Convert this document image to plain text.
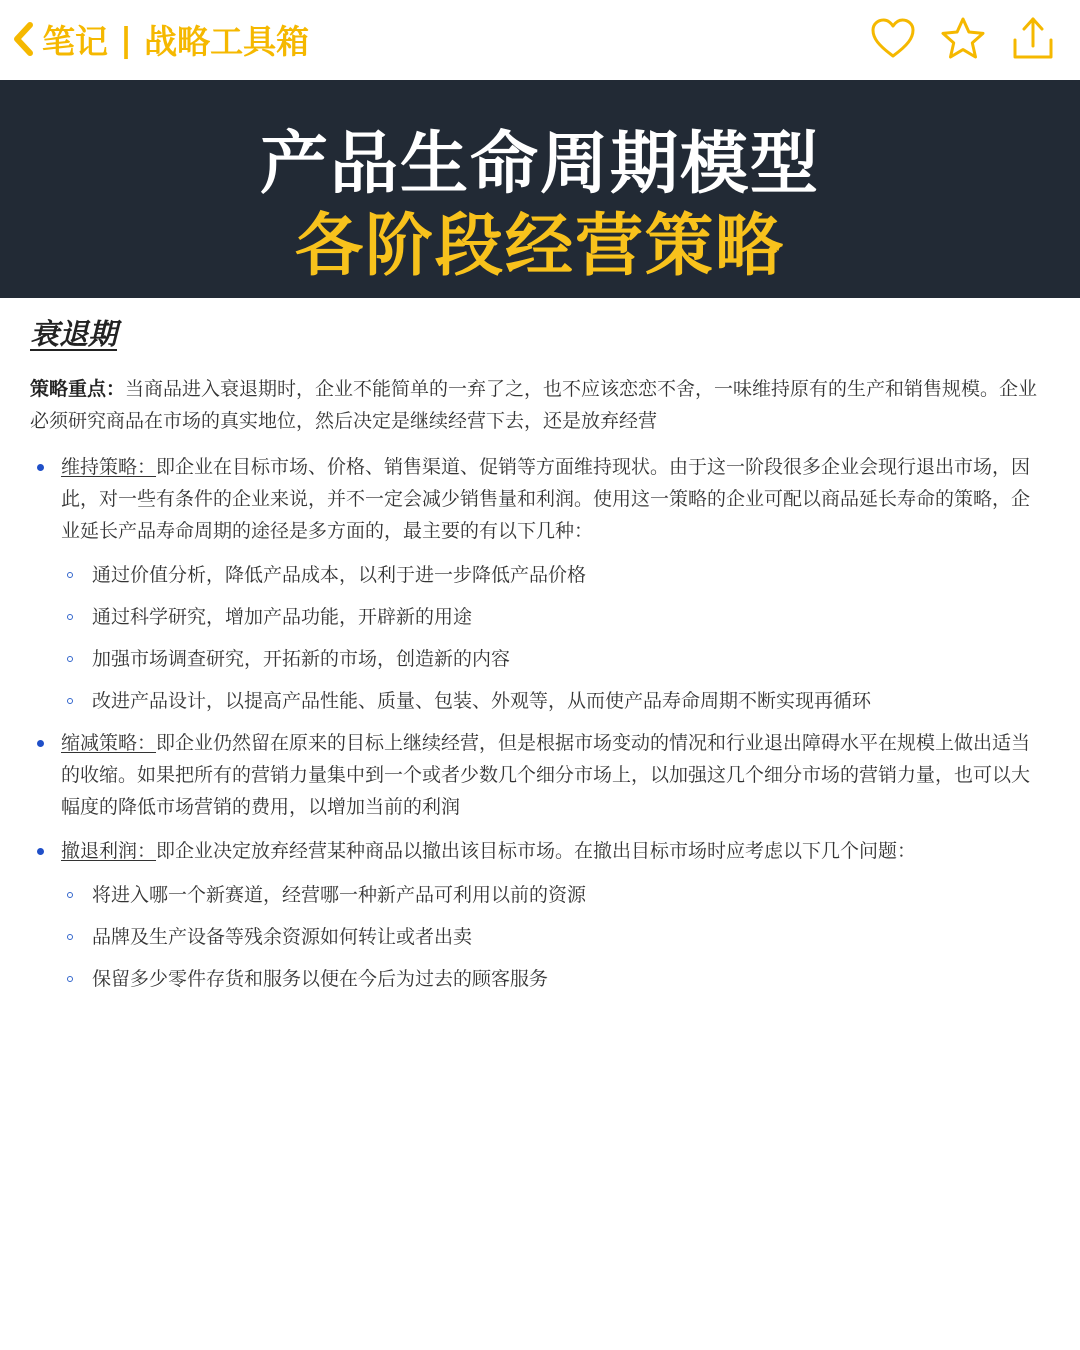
笔记 | 战略工具箱
产品生命周期模型
各阶段经营策略
衰退期
策略重点：当商品进入衰退期时，企业不能简单的一弃了之，也不应该恋恋不舍，一味维持原有的生产和销售规模。企业必须研究商品在市场的真实地位，然后决定是继续经营下去，还是放弃经营
维持策略：即企业在目标市场、价格、销售渠道、促销等方面维持现状。由于这一阶段很多企业会现行退出市场，因此，对一些有条件的企业来说，并不一定会减少销售量和利润。使用这一策略的企业可配以商品延长寿命的策略，企业延长产品寿命周期的途径是多方面的，最主要的有以下几种：
通过价值分析，降低产品成本，以利于进一步降低产品价格
通过科学研究，增加产品功能，开辟新的用途
加强市场调查研究，开拓新的市场，创造新的内容
改进产品设计，以提高产品性能、质量、包装、外观等，从而使产品寿命周期不断实现再循环
缩减策略：即企业仍然留在原来的目标上继续经营，但是根据市场变动的情况和行业退出障碍水平在规模上做出适当的收缩。如果把所有的营销力量集中到一个或者少数几个细分市场上，以加强这几个细分市场的营销力量，也可以大幅度的降低市场营销的费用，以增加当前的利润
撤退利润：即企业决定放弃经营某种商品以撤出该目标市场。在撤出目标市场时应考虑以下几个问题：
将进入哪一个新赛道，经营哪一种新产品可利用以前的资源
品牌及生产设备等残余资源如何转让或者出卖
保留多少零件存货和服务以便在今后为过去的顾客服务
